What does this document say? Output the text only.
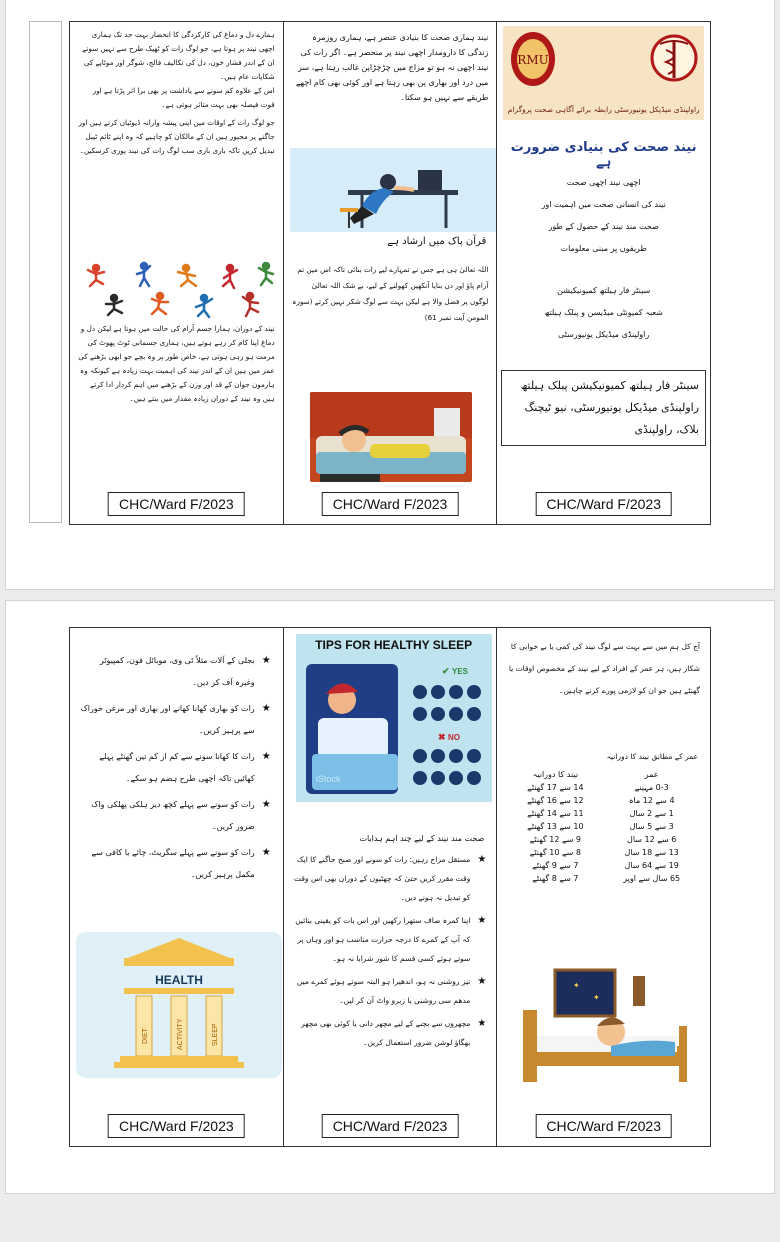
ہمارے دل و دماغ کی کارکردگی کا انحصار بہت حد تک ہماری اچھی نیند پر ہوتا ہے، جو لوگ رات کو ٹھیک طرح سے نہیں سوتے ان کے اندر فشار خون، دل کی تکالیف فالج، شوگر اور موٹاپے کی شکایات عام ہیں۔

اس کے علاوہ کم سونے سے یاداشت پر بھی برا اثر پڑتا ہے اور قوت فیصلہ بھی بہت متاثر ہوتی ہے۔

جو لوگ رات کے اوقات میں اپنی پیشہ وارانہ ڈیوٹیاں کرتے ہیں اور جاگنے پر مجبور ہیں ان کے مالکان کو چاہیے کہ وہ اپنے ٹائم ٹیبل تبدیل کریں تاکہ باری باری سب لوگ رات کی نیند پوری کرسکیں۔

نیند کے دوران، ہمارا جسم آرام کی حالت میں ہوتا ہے لیکن دل و دماغ اپنا کام کر رہے ہوتے ہیں، ہماری جسمانی ٹوٹ پھوٹ کی مرمت ہو رہی ہوتی ہے، خاص طور پر وہ بچے جو ابھی بڑھنے کی عمر میں ہیں ان کے اندر نیند کی اہمیت بہت زیادہ ہے کیونکہ وہ ہارمون جوان کے قد اور وزن کے بڑھنے میں اہم کردار ادا کرتے ہیں وہ نیند کے دوران زیادہ مقدار میں بنتے ہیں۔

CHC/Ward F/2023

نیند ہماری صحت کا بنیادی عنصر ہے، ہماری روزمرہ زندگی کا دارومدار اچھی نیند پر منحصر ہے۔ اگر رات کی نیند اچھی نہ ہو تو مزاج میں چڑچڑاپن غالب رہتا ہے، سر میں درد اور بھاری پن بھی رہتا ہے اور کوئی بھی کام اچھے طریقے سے نہیں ہو سکتا۔

قرآن پاک میں ارشاد ہے

اللہ تعالیٰ ہی ہے جس نے تمہارے لیے رات بنائی تاکہ اس میں تم آرام پاؤ اور دن بنایا آنکھیں کھولنے کے لیے، بے شک اللہ تعالیٰ لوگوں پر فضل والا ہے لیکن بہت سے لوگ شکر نہیں کرتے (سورہ المومن آیت نمبر 61)

CHC/Ward F/2023
RMU
راولپنڈی میڈیکل یونیورسٹی رابطہ برائے آگاہی صحت پروگرام
نیند صحت کی بنیادی ضرورت ہے
اچھی نیند اچھی صحت
نیند کی انسانی صحت میں اہمیت اور
صحت مند نیند کے حصول کے طور
طریقوں پر مبنی معلومات
سینٹر فار ہیلتھ کمیونیکیشن
شعبہ کمیونٹی میڈیسن و پبلک ہیلتھ
راولپنڈی میڈیکل یونیورسٹی
سینٹر فار ہیلتھ کمیونیکیشن پبلک ہیلتھ راولپنڈی میڈیکل یونیورسٹی، نیو ٹیچنگ بلاک، راولپنڈی
CHC/Ward F/2023
★
بجلی کے آلات مثلاً ٹی وی، موبائل فون، کمپیوٹر وغیرہ آف کر دیں۔
★
رات کو بھاری کھانا کھانے اور بھاری اور مرغن خوراک سے پرہیز کریں۔
★
رات کا کھانا سونے سے کم از کم تین گھنٹے پہلے کھائیں تاکہ اچھی طرح ہضم ہو سکے۔
★
رات کو سونے سے پہلے کچھ دیر ہلکی پھلکی واک ضرور کریں۔
★
رات کو سونے سے پہلے سگریٹ، چائے یا کافی سے مکمل پرہیز کریں۔
HEALTH
DIET	ACTIVITY	SLEEP
CHC/Ward F/2023
TIPS FOR HEALTHY SLEEP
✔ YES
✖ NO
iStock
صحت مند نیند کے لیے چند اہم ہدایات
★
مستقل مزاج رہیں: رات کو سونے اور صبح جاگنے کا ایک وقت مقرر کریں حتیٰ کہ چھٹیوں کے دوران بھی اس وقت کو تبدیل نہ ہونے دیں۔
★
اپنا کمرہ صاف ستھرا رکھیں اور اس بات کو یقینی بنائیں کہ آپ کے کمرے کا درجہ حرارت مناسب ہو اور وہاں پر سوتے ہوئے کسی قسم کا شور شرابا نہ ہو۔
★
تیز روشنی نہ ہو، اندھیرا ہو البتہ سوتے ہوئے کمرے میں مدھم سی روشنی یا زیرو واٹ آن کر لیں۔
★
مچھروں سے بچنے کے لیے مچھر دانی یا کوئی بھی مچھر بھگاؤ لوشن ضرور استعمال کریں۔
CHC/Ward F/2023
آج کل ہم میں سے بہت سے لوگ نیند کی کمی یا بے خوابی کا شکار ہیں، ہر عمر کے افراد کے لیے نیند کے مخصوص اوقات یا گھنٹے ہیں جو ان کو لازمی پورے کرنے چاہیں۔
عمر کے مطابق نیند کا دورانیہ
عمر	نیند کا دورانیہ
0-3 مہینے	14 سے 17 گھنٹے
4 سے 12 ماہ	12 سے 16 گھنٹے
1 سے 2 سال	11 سے 14 گھنٹے
3 سے 5 سال	10 سے 13 گھنٹے
6 سے 12 سال	9 سے 12 گھنٹے
13 سے 18 سال	8 سے 10 گھنٹے
19 سے 64 سال	7 سے 9 گھنٹے
65 سال سے اوپر	7 سے 8 گھنٹے
✦
✦
CHC/Ward F/2023
